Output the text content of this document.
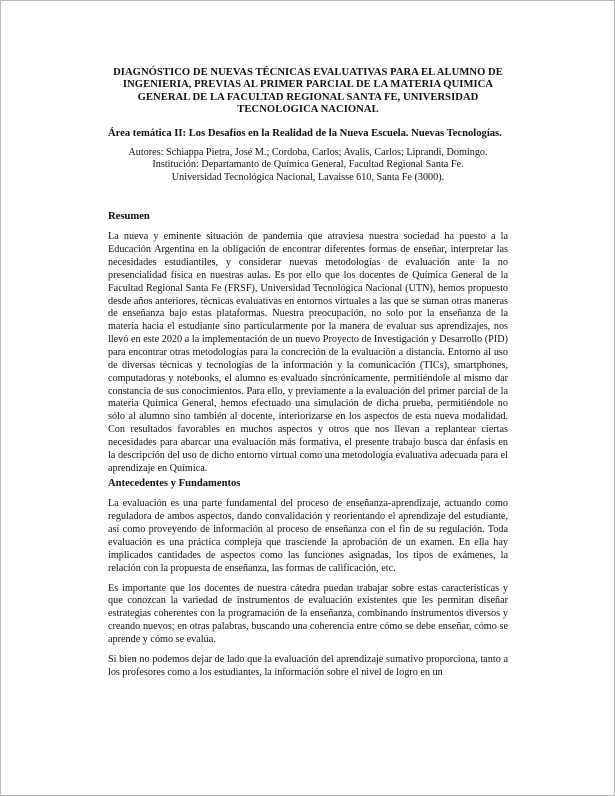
DIAGNÓSTICO DE NUEVAS TÉCNICAS EVALUATIVAS PARA EL ALUMNO DE INGENIERIA, PREVIAS AL PRIMER PARCIAL DE LA MATERIA QUIMICA GENERAL DE LA FACULTAD REGIONAL SANTA FE, UNIVERSIDAD TECNOLOGICA NACIONAL

Área temática II: Los Desafíos en la Realidad de la Nueva Escuela. Nuevas Tecnologías.

Autores: Schiappa Pietra, José M.; Cordoba, Carlos; Avalis, Carlos; Liprandi, Domingo.
Institución: Departamanto de Química General, Facultad Regional Santa Fe.
Universidad Tecnológica Nacional, Lavaisse 610, Santa Fe (3000).

Resumen

La nueva y eminente situación de pandemia que atraviesa nuestra sociedad ha puesto a la Educación Argentina en la obligación de encontrar diferentes formas de enseñar, interpretar las necesidades estudiantiles, y considerar nuevas metodologías de evaluación ante la no presencialidad física en nuestras aulas. Es por ello que los docentes de Química General de la Facultad Regional Santa Fe (FRSF), Universidad Tecnológica Nacional (UTN), hemos propuesto desde años anteriores, técnicas evaluativas en entornos virtuales a las que se suman otras maneras de enseñanza bajo estas plataformas. Nuestra preocupación, no solo por la enseñanza de la materia hacia el estudiante sino particularmente por la manera de evaluar sus aprendizajes, nos llevó en este 2020 a la implementación de un nuevo Proyecto de Investigación y Desarrollo (PID) para encontrar otras metodologías para la concreción de la evaluación a distancia. Entorno al uso de diversas técnicas y tecnologías de la información y la comunicación (TICs), smartphones, computadoras y notebooks, el alumno es evaluado sincrónicamente, permitiéndole al mismo dar constancia de sus conocimientos. Para ello, y previamente a la evaluación del primer parcial de la materia Química General, hemos efectuado una simulación de dicha prueba, permitiéndole no sólo al alumno sino también al docente, interiorizarse en los aspectos de esta nueva modalidad. Con resultados favorables en muchos aspectos y otros que nos llevan a replantear ciertas necesidades para abarcar una evaluación más formativa, el presente trabajo busca dar énfasis en la descripción del uso de dicho entorno virtual como una metodología evaluativa adecuada para el aprendizaje en Química.

Antecedentes y Fundamentos

La evaluación es una parte fundamental del proceso de enseñanza-aprendizaje, actuando como reguladora de ambos aspectos, dando convalidación y reorientando el aprendizaje del estudiante, así como proveyendo de información al proceso de enseñanza con el fin de su regulación. Toda evaluación es una práctica compleja que trasciende la aprobación de un examen. En ella hay implicados cantidades de aspectos como las funciones asignadas, los tipos de exámenes, la relación con la propuesta de enseñanza, las formas de calificación, etc.

Es importante que los docentes de nuestra cátedra puedan trabajar sobre estas características y que conozcan la variedad de instrumentos de evaluación existentes que les permitan diseñar estrategias coherentes con la programación de la enseñanza, combinando instrumentos diversos y creando nuevos; en otras palabras, buscando una coherencia entre cómo se debe enseñar, cómo se aprende y cómo se evalúa.

Si bien no podemos dejar de lado que la evaluación del aprendizaje sumativo proporciona, tanto a los profesores como a los estudiantes, la información sobre el nivel de logro en un
